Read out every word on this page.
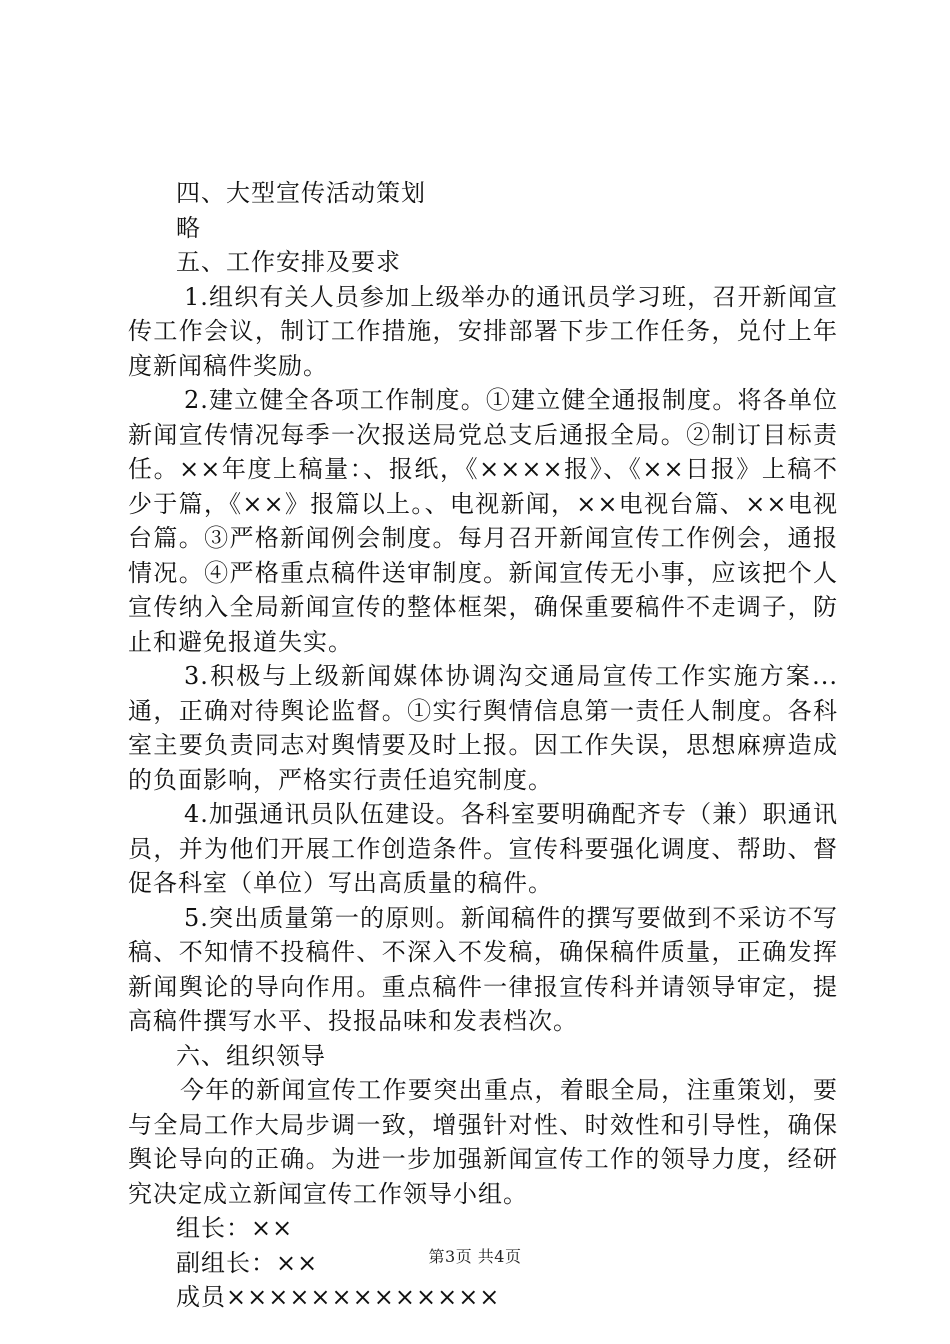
四、大型宣传活动策划

略

五、工作安排及要求

1.组织有关人员参加上级举办的通讯员学习班，召开新闻宣传工作会议，制订工作措施，安排部署下步工作任务，兑付上年度新闻稿件奖励。

2.建立健全各项工作制度。①建立健全通报制度。将各单位新闻宣传情况每季一次报送局党总支后通报全局。②制订目标责任。××年度上稿量：、报纸，《××××报》、《××日报》上稿不少于篇，《××》报篇以上。、电视新闻，××电视台篇、××电视台篇。③严格新闻例会制度。每月召开新闻宣传工作例会，通报情况。④严格重点稿件送审制度。新闻宣传无小事，应该把个人宣传纳入全局新闻宣传的整体框架，确保重要稿件不走调子，防止和避免报道失实。

3.积极与上级新闻媒体协调沟交通局宣传工作实施方案...通，正确对待舆论监督。①实行舆情信息第一责任人制度。各科室主要负责同志对舆情要及时上报。因工作失误，思想麻痹造成的负面影响，严格实行责任追究制度。

4.加强通讯员队伍建设。各科室要明确配齐专（兼）职通讯员，并为他们开展工作创造条件。宣传科要强化调度、帮助、督促各科室（单位）写出高质量的稿件。

5.突出质量第一的原则。新闻稿件的撰写要做到不采访不写稿、不知情不投稿件、不深入不发稿，确保稿件质量，正确发挥新闻舆论的导向作用。重点稿件一律报宣传科并请领导审定，提高稿件撰写水平、投报品味和发表档次。

六、组织领导

今年的新闻宣传工作要突出重点，着眼全局，注重策划，要与全局工作大局步调一致，增强针对性、时效性和引导性，确保舆论导向的正确。为进一步加强新闻宣传工作的领导力度，经研究决定成立新闻宣传工作领导小组。

组长：××

副组长：××

成员×××××××××××××

第3页 共4页
